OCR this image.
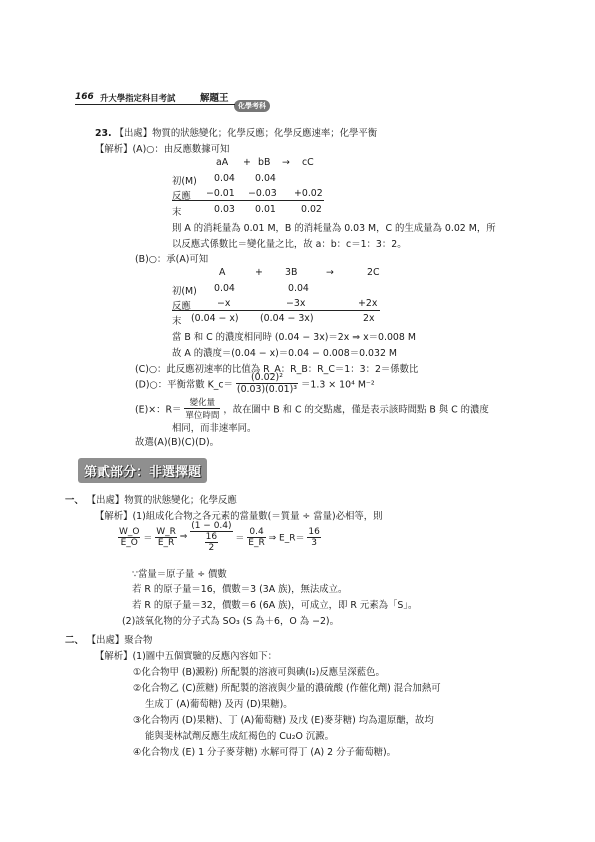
166 升大學指定科目考試	解題王
化學考科
23. 【出處】物質的狀態變化；化學反應；化學反應速率；化學平衡
【解析】(A)○：由反應數據可知
aA + bB → cC
初(M) 0.04 0.04
反應 −0.01 −0.03 +0.02
末	0.03 0.01	0.02
則 A 的消耗量為 0.01 M，B 的消耗量為 0.03 M，C 的生成量為 0.02 M，所
以反應式係數比＝變化量之比，故 a：b：c＝1：3：2。
(B)○：承(A)可知
A	+ 3B	→	2C
初(M) 0.04	0.04
反應	−x	−3x	+2x
末 (0.04 − x) (0.04 − 3x)	2x
當 B 和 C 的濃度相同時 (0.04 − 3x)＝2x ⇒ x＝0.008 M
故 A 的濃度＝(0.04 − x)＝0.04 − 0.008＝0.032 M
(C)○：此反應初速率的比值為 R_A：R_B：R_C＝1：3：2＝係數比
(D)○：平衡常數 K_c＝ $\frac{\text{(0.02)²}}{\text{(0.03)(0.01)³}} =1.3 \times 10^4$ M⁻²
(E)×：$R= \frac{\text{變化量}}{\text{單位時間}}$ ，故在圖中 B 和 C 的交點處，僅是表示該時間點 B 與 C 的濃度
相同，而非速率同。
故選(A)(B)(C)(D)。
第貳部分：非選擇題
一、 【出處】物質的狀態變化；化學反應
【解析】(1)組成化合物之各元素的當量數(＝質量 ÷ 當量)必相等，則
$\frac{W\_O}{E\_O} = \frac{W\_R}{E\_R}$ ⇒ $\frac{(1 - 0.4)}{\frac{16}{2}} = \frac{0.4}{E\_R}$ ⇒ E_R＝ $\frac{16}{3}$
∵當量＝原子量 ÷ 價數
若 R 的原子量＝16，價數＝3 (3A 族)，無法成立。
若 R 的原子量＝32，價數＝6 (6A 族)，可成立，即 R 元素為「S」。
(2)該氧化物的分子式為 SO₃ (S 為＋6，O 為 −2)。
二、 【出處】聚合物
【解析】(1)圖中五個實驗的反應內容如下：
①化合物甲 (B)澱粉) 所配製的溶液可與碘(I₂)反應呈深藍色。
②化合物乙 (C)蔗糖) 所配製的溶液與少量的濃硫酸 (作催化劑) 混合加熱可
生成丁 (A)葡萄糖) 及丙 (D)果糖)。
③化合物丙 (D)果糖)、丁 (A)葡萄糖) 及戊 (E)麥芽糖) 均為還原醣，故均
能與斐林試劑反應生成紅褐色的 Cu₂O 沉澱。
④化合物戊 (E) 1 分子麥芽糖) 水解可得丁 (A) 2 分子葡萄糖)。
